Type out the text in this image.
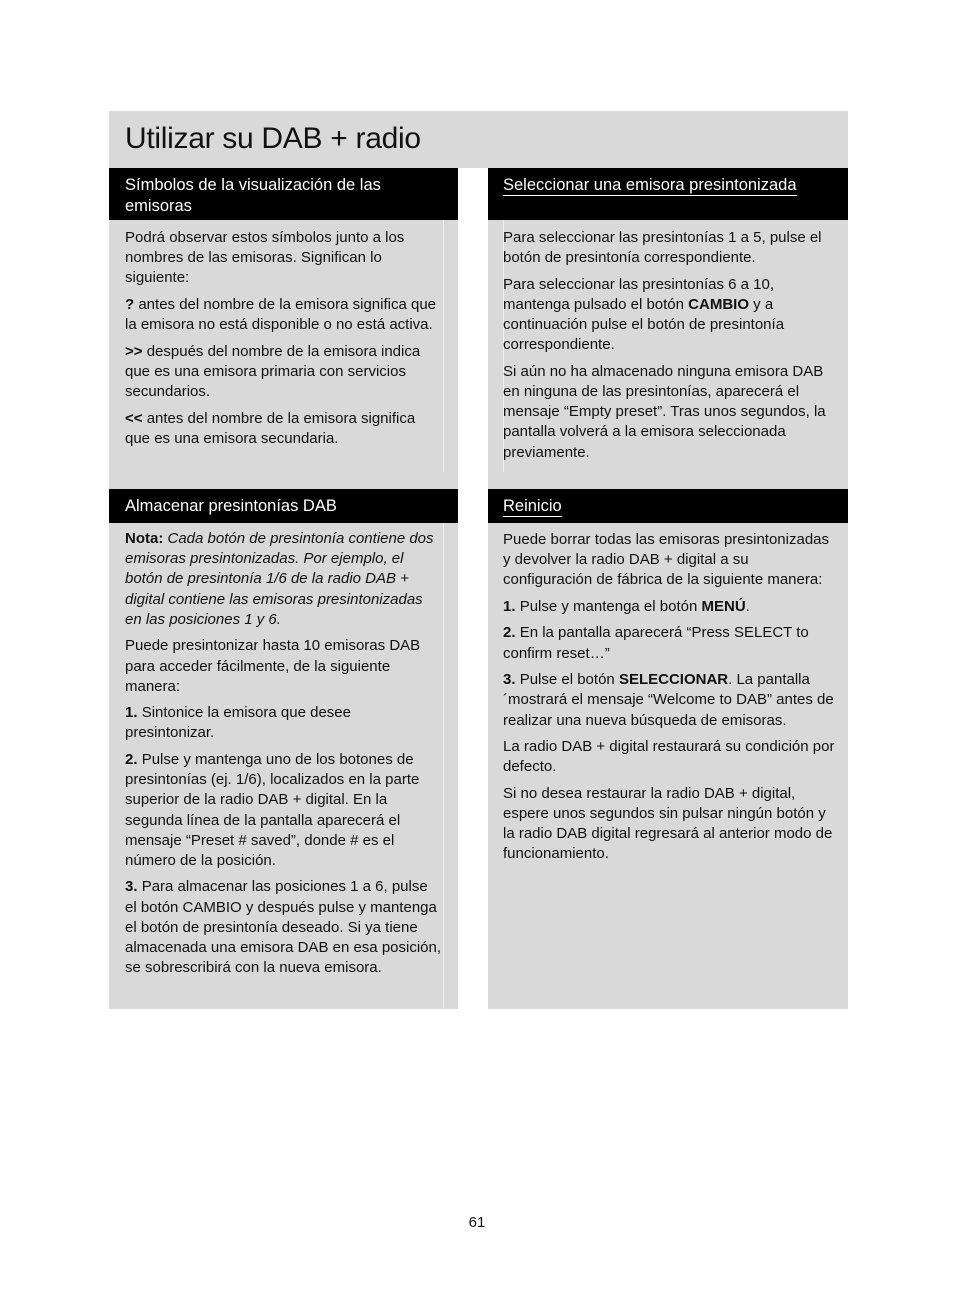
Utilizar su DAB + radio
Símbolos de la visualización de las
emisoras
Seleccionar una emisora presintonizada
Almacenar presintonías DAB	Reinicio

Podrá observar estos símbolos junto a los nombres de las emisoras. Significan lo siguiente:

? antes del nombre de la emisora significa que la emisora no está disponible o no está activa.

>> después del nombre de la emisora indica que es una emisora primaria con servicios secundarios.

<< antes del nombre de la emisora significa que es una emisora secundaria.

Para seleccionar las presintonías 1 a 5, pulse el botón de presintonía correspondiente.

Para seleccionar las presintonías 6 a 10, mantenga pulsado el botón CAMBIO y a continuación pulse el botón de presintonía correspondiente.

Si aún no ha almacenado ninguna emisora DAB en ninguna de las presintonías, aparecerá el mensaje “Empty preset”. Tras unos segundos, la pantalla volverá a la emisora seleccionada previamente.

Nota: Cada botón de presintonía contiene dos emisoras presintonizadas. Por ejemplo, el botón de presintonía 1/6 de la radio DAB + digital contiene las emisoras presintonizadas en las posiciones 1 y 6.

Puede presintonizar hasta 10 emisoras DAB para acceder fácilmente, de la siguiente manera:

1. Sintonice la emisora que desee presintonizar.

2. Pulse y mantenga uno de los botones de presintonías (ej. 1/6), localizados en la parte superior de la radio DAB + digital. En la segunda línea de la pantalla aparecerá el mensaje “Preset # saved”, donde # es el número de la posición.

3. Para almacenar las posiciones 1 a 6, pulse el botón CAMBIO y después pulse y mantenga el botón de presintonía deseado. Si ya tiene almacenada una emisora DAB en esa posición, se sobrescribirá con la nueva emisora.

Puede borrar todas las emisoras presintonizadas y devolver la radio DAB + digital a su configuración de fábrica de la siguiente manera:

1. Pulse y mantenga el botón MENÚ.

2. En la pantalla aparecerá “Press SELECT to confirm reset…”

3. Pulse el botón SELECCIONAR. La pantalla ´mostrará el mensaje “Welcome to DAB” antes de realizar una nueva búsqueda de emisoras.

La radio DAB + digital restaurará su condición por defecto.

Si no desea restaurar la radio DAB + digital, espere unos segundos sin pulsar ningún botón y la radio DAB digital regresará al anterior modo de funcionamiento.

61
